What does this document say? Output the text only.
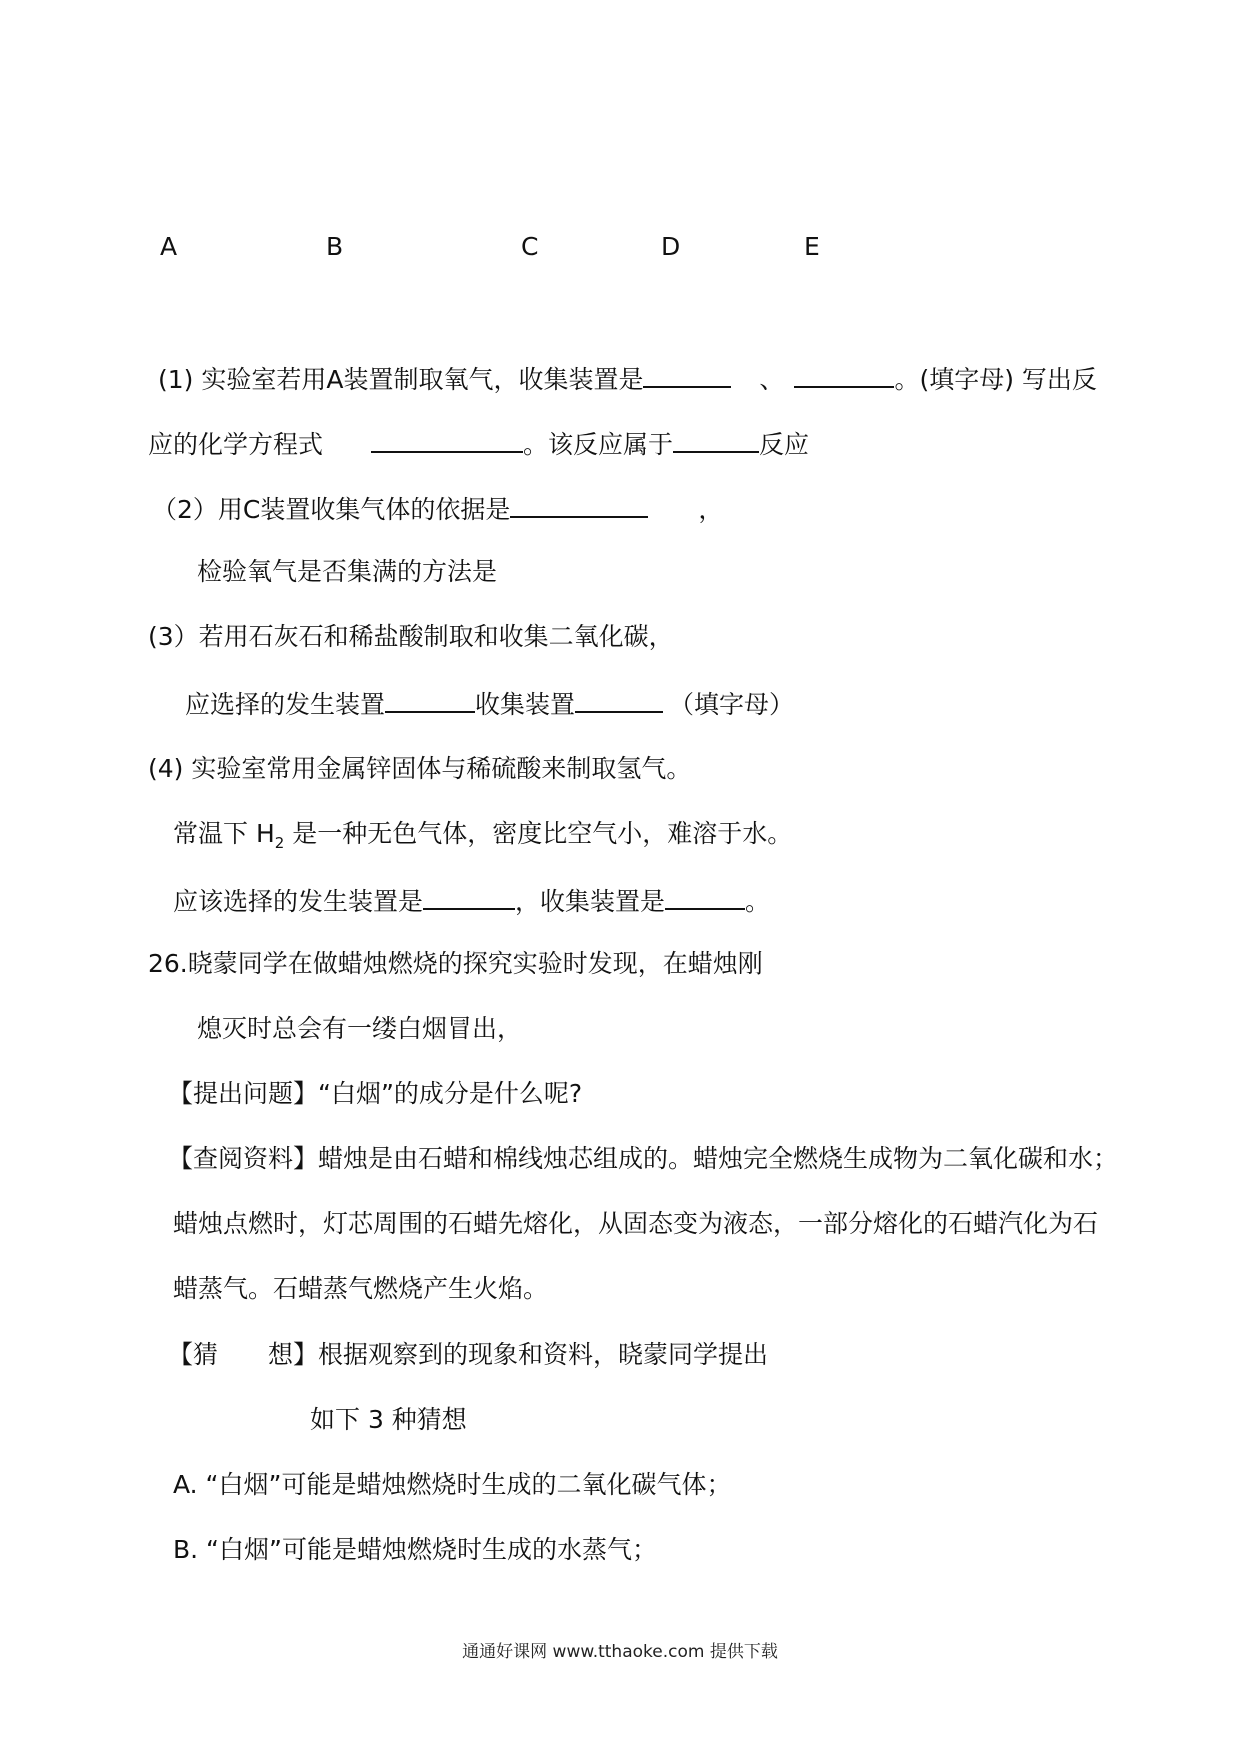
A	B	C	D	E
(1) 实验室若用A装置制取氧气，收集装置是	、	。(填字母) 写出反
应的化学方程式	。该反应属于	反应
（2）用C装置收集气体的依据是	，
检验氧气是否集满的方法是
(3）若用石灰石和稀盐酸制取和收集二氧化碳，
应选择的发生装置	收集装置	（填字母）
(4) 实验室常用金属锌固体与稀硫酸来制取氢气。
常温下 $H_2$ 是一种无色气体，密度比空气小，难溶于水。
应该选择的发生装置是	，收集装置是	。
26.晓蒙同学在做蜡烛燃烧的探究实验时发现，在蜡烛刚
熄灭时总会有一缕白烟冒出，
【提出问题】“白烟”的成分是什么呢?
【查阅资料】蜡烛是由石蜡和棉线烛芯组成的。蜡烛完全燃烧生成物为二氧化碳和水；
蜡烛点燃时，灯芯周围的石蜡先熔化，从固态变为液态，一部分熔化的石蜡汽化为石
蜡蒸气。石蜡蒸气燃烧产生火焰。
【猜　　想】根据观察到的现象和资料，晓蒙同学提出
如下 3 种猜想
A. “白烟”可能是蜡烛燃烧时生成的二氧化碳气体；
B. “白烟”可能是蜡烛燃烧时生成的水蒸气；
通通好课网 www.tthaoke.com 提供下载
